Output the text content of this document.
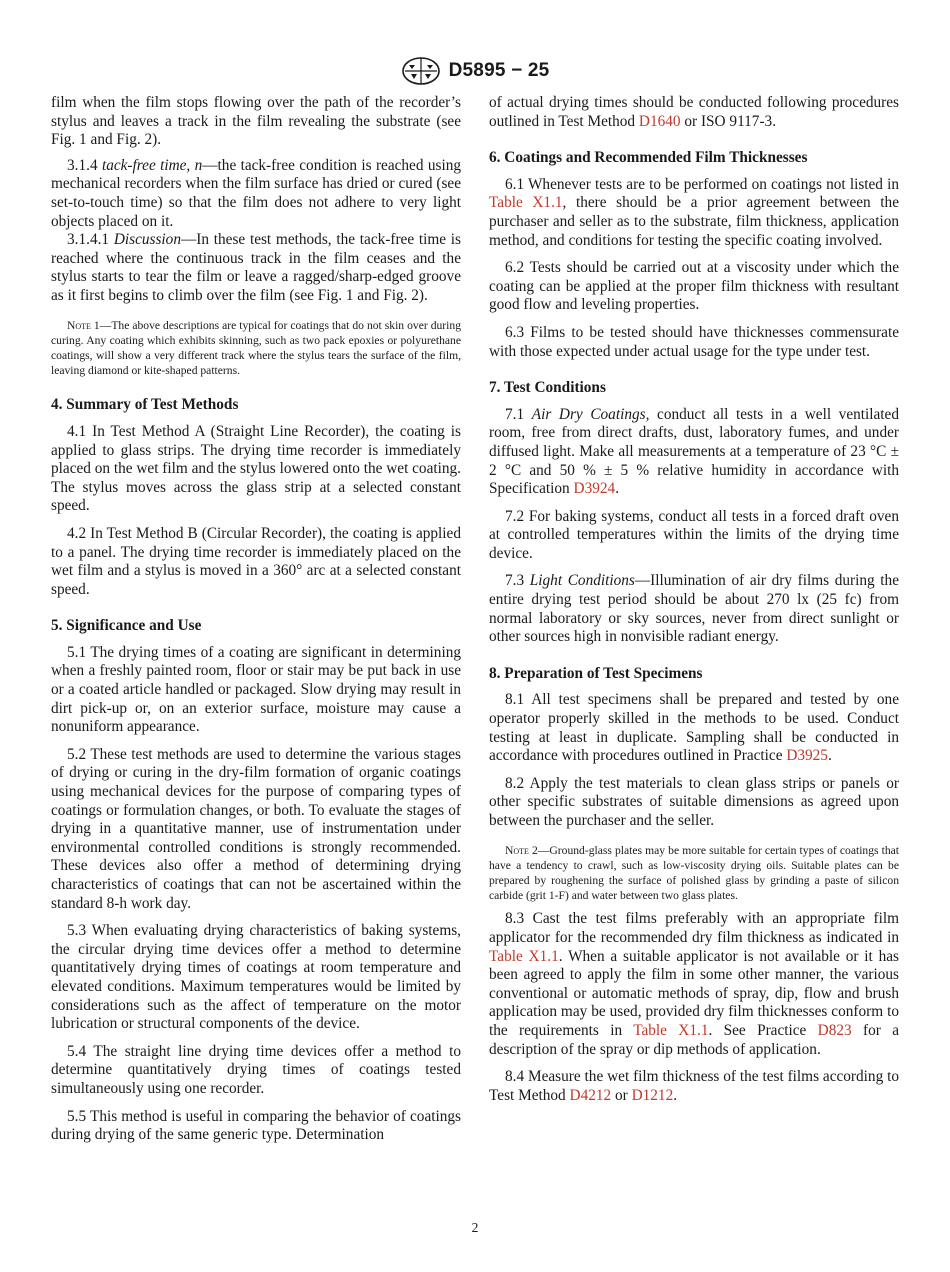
D5895 − 25

film when the film stops flowing over the path of the recorder’s stylus and leaves a track in the film revealing the substrate (see Fig. 1 and Fig. 2).

3.1.4 tack-free time, n—the tack-free condition is reached using mechanical recorders when the film surface has dried or cured (see set-to-touch time) so that the film does not adhere to very light objects placed on it.

3.1.4.1 Discussion—In these test methods, the tack-free time is reached where the continuous track in the film ceases and the stylus starts to tear the film or leave a ragged/sharp-edged groove as it first begins to climb over the film (see Fig. 1 and Fig. 2).

Note 1—The above descriptions are typical for coatings that do not skin over during curing. Any coating which exhibits skinning, such as two pack epoxies or polyurethane coatings, will show a very different track where the stylus tears the surface of the film, leaving diamond or kite-shaped patterns.
4. Summary of Test Methods

4.1 In Test Method A (Straight Line Recorder), the coating is applied to glass strips. The drying time recorder is immediately placed on the wet film and the stylus lowered onto the wet coating. The stylus moves across the glass strip at a selected constant speed.

4.2 In Test Method B (Circular Recorder), the coating is applied to a panel. The drying time recorder is immediately placed on the wet film and a stylus is moved in a 360° arc at a selected constant speed.

5. Significance and Use

5.1 The drying times of a coating are significant in determining when a freshly painted room, floor or stair may be put back in use or a coated article handled or packaged. Slow drying may result in dirt pick-up or, on an exterior surface, moisture may cause a nonuniform appearance.

5.2 These test methods are used to determine the various stages of drying or curing in the dry-film formation of organic coatings using mechanical devices for the purpose of comparing types of coatings or formulation changes, or both. To evaluate the stages of drying in a quantitative manner, use of instrumentation under environmental controlled conditions is strongly recommended. These devices also offer a method of determining drying characteristics of coatings that can not be ascertained within the standard 8-h work day.

5.3 When evaluating drying characteristics of baking systems, the circular drying time devices offer a method to determine quantitatively drying times of coatings at room temperature and elevated conditions. Maximum temperatures would be limited by considerations such as the affect of temperature on the motor lubrication or structural components of the device.

5.4 The straight line drying time devices offer a method to determine quantitatively drying times of coatings tested simultaneously using one recorder.

5.5 This method is useful in comparing the behavior of coatings during drying of the same generic type. Determination

of actual drying times should be conducted following procedures outlined in Test Method D1640 or ISO 9117-3.

6. Coatings and Recommended Film Thicknesses

6.1 Whenever tests are to be performed on coatings not listed in Table X1.1, there should be a prior agreement between the purchaser and seller as to the substrate, film thickness, application method, and conditions for testing the specific coating involved.

6.2 Tests should be carried out at a viscosity under which the coating can be applied at the proper film thickness with resultant good flow and leveling properties.

6.3 Films to be tested should have thicknesses commensurate with those expected under actual usage for the type under test.

7. Test Conditions

7.1 Air Dry Coatings, conduct all tests in a well ventilated room, free from direct drafts, dust, laboratory fumes, and under diffused light. Make all measurements at a temperature of 23 °C ± 2 °C and 50 % ± 5 % relative humidity in accordance with Specification D3924.

7.2 For baking systems, conduct all tests in a forced draft oven at controlled temperatures within the limits of the drying time device.

7.3 Light Conditions—Illumination of air dry films during the entire drying test period should be about 270 lx (25 fc) from normal laboratory or sky sources, never from direct sunlight or other sources high in nonvisible radiant energy.

8. Preparation of Test Specimens

8.1 All test specimens shall be prepared and tested by one operator properly skilled in the methods to be used. Conduct testing at least in duplicate. Sampling shall be conducted in accordance with procedures outlined in Practice D3925.

8.2 Apply the test materials to clean glass strips or panels or other specific substrates of suitable dimensions as agreed upon between the purchaser and the seller.

Note 2—Ground-glass plates may be more suitable for certain types of coatings that have a tendency to crawl, such as low-viscosity drying oils. Suitable plates can be prepared by roughening the surface of polished glass by grinding a paste of silicon carbide (grit 1-F) and water between two glass plates.

8.3 Cast the test films preferably with an appropriate film applicator for the recommended dry film thickness as indicated in Table X1.1. When a suitable applicator is not available or it has been agreed to apply the film in some other manner, the various conventional or automatic methods of spray, dip, flow and brush application may be used, provided dry film thicknesses conform to the requirements in Table X1.1. See Practice D823 for a description of the spray or dip methods of application.

8.4 Measure the wet film thickness of the test films according to Test Method D4212 or D1212.

2
